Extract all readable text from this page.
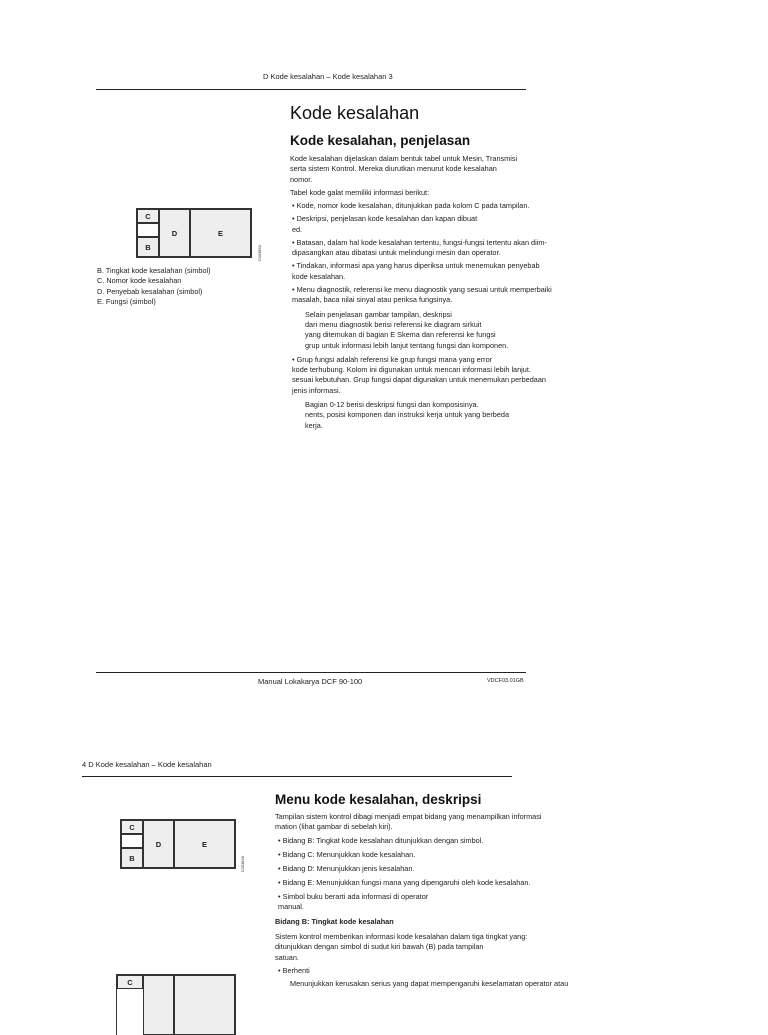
D Kode kesalahan – Kode kesalahan 3
Kode kesalahan
Kode kesalahan, penjelasan
Kode kesalahan dijelaskan dalam bentuk tabel untuk Mesin, Transmisi
serta sistem Kontrol. Mereka diurutkan menurut kode kesalahan
nomor.
Tabel kode galat memiliki informasi berikut:
• Kode, nomor kode kesalahan, ditunjukkan pada kolom C pada tampilan.
• Deskripsi, penjelasan kode kesalahan dan kapan dibuat
ed.
• Batasan, dalam hal kode kesalahan tertentu, fungsi-fungsi tertentu akan diim-
dipasangkan atau dibatasi untuk melindungi mesin dan operator.
• Tindakan, informasi apa yang harus diperiksa untuk menemukan penyebab
kode kesalahan.
• Menu diagnostik, referensi ke menu diagnostik yang sesuai untuk memperbaiki
masalah, baca nilai sinyal atau periksa fungsinya.
Selain penjelasan gambar tampilan, deskripsi
dari menu diagnostik berisi referensi ke diagram sirkuit
yang ditemukan di bagian E Skema dan referensi ke fungsi
grup untuk informasi lebih lanjut tentang fungsi dan komponen.
• Grup fungsi adalah referensi ke grup fungsi mana yang error
kode terhubung. Kolom ini digunakan untuk mencari informasi lebih lanjut.
sesuai kebutuhan. Grup fungsi dapat digunakan untuk menemukan perbedaan
jenis informasi.
Bagian 0-12 berisi deskripsi fungsi dan komposisinya.
nents, posisi komponen dan instruksi kerja untuk yang berbeda
kerja.
C
B
D	E
C003850
B. Tingkat kode kesalahan (simbol)
C. Nomor kode kesalahan
D. Penyebab kesalahan (simbol)
E. Fungsi (simbol)
Manual Lokakarya DCF 90-100	VDCF03.01GB
4 D Kode kesalahan – Kode kesalahan
Menu kode kesalahan, deskripsi
Tampilan sistem kontrol dibagi menjadi empat bidang yang menampilkan informasi
mation (lihat gambar di sebelah kiri).
• Bidang B: Tingkat kode kesalahan ditunjukkan dengan simbol.
• Bidang C: Menunjukkan kode kesalahan.
• Bidang D: Menunjukkan jenis kesalahan.
• Bidang E: Menunjukkan fungsi mana yang dipengaruhi oleh kode kesalahan.
• Simbol buku berarti ada informasi di operator
manual.
Bidang B: Tingkat kode kesalahan
Sistem kontrol memberikan informasi kode kesalahan dalam tiga tingkat yang:
ditunjukkan dengan simbol di sudut kiri bawah (B) pada tampilan
satuan.
• Berhenti
Menunjukkan kerusakan serius yang dapat mempengaruhi keselamatan operator atau
C
B
D	E
C003849
C
